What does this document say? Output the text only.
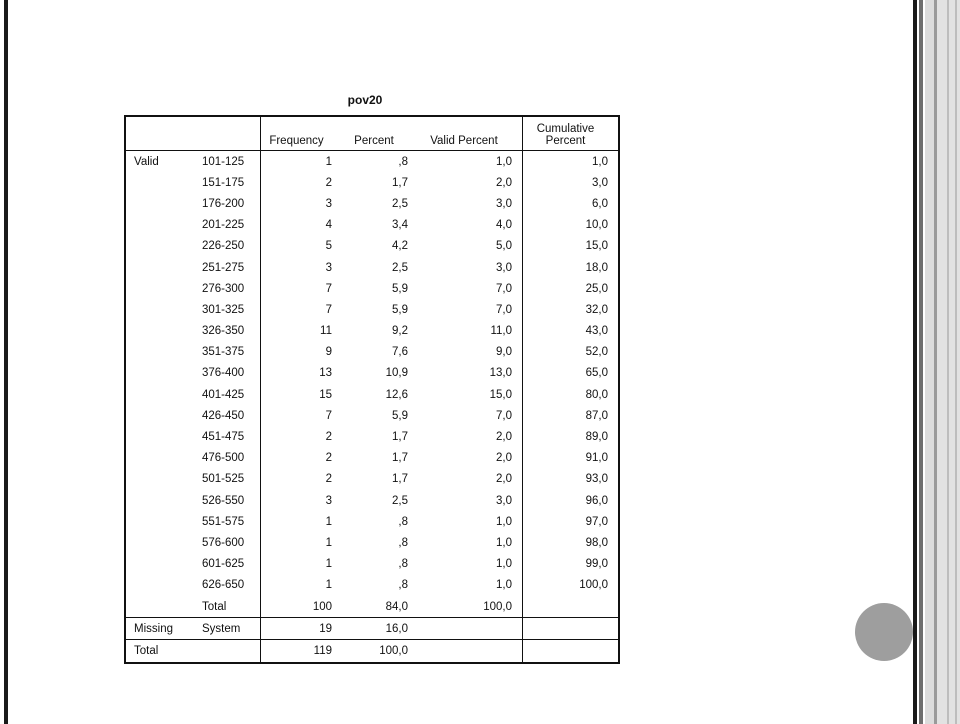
pov20
		Frequency	Percent	Valid Percent	Cumulative
Percent
Valid	101-125	1	,8	1,0	1,0
	151-175	2	1,7	2,0	3,0
	176-200	3	2,5	3,0	6,0
	201-225	4	3,4	4,0	10,0
	226-250	5	4,2	5,0	15,0
	251-275	3	2,5	3,0	18,0
	276-300	7	5,9	7,0	25,0
	301-325	7	5,9	7,0	32,0
	326-350	11	9,2	11,0	43,0
	351-375	9	7,6	9,0	52,0
	376-400	13	10,9	13,0	65,0
	401-425	15	12,6	15,0	80,0
	426-450	7	5,9	7,0	87,0
	451-475	2	1,7	2,0	89,0
	476-500	2	1,7	2,0	91,0
	501-525	2	1,7	2,0	93,0
	526-550	3	2,5	3,0	96,0
	551-575	1	,8	1,0	97,0
	576-600	1	,8	1,0	98,0
	601-625	1	,8	1,0	99,0
	626-650	1	,8	1,0	100,0
	Total	100	84,0	100,0	
Missing	System	19	16,0		
Total		119	100,0		
